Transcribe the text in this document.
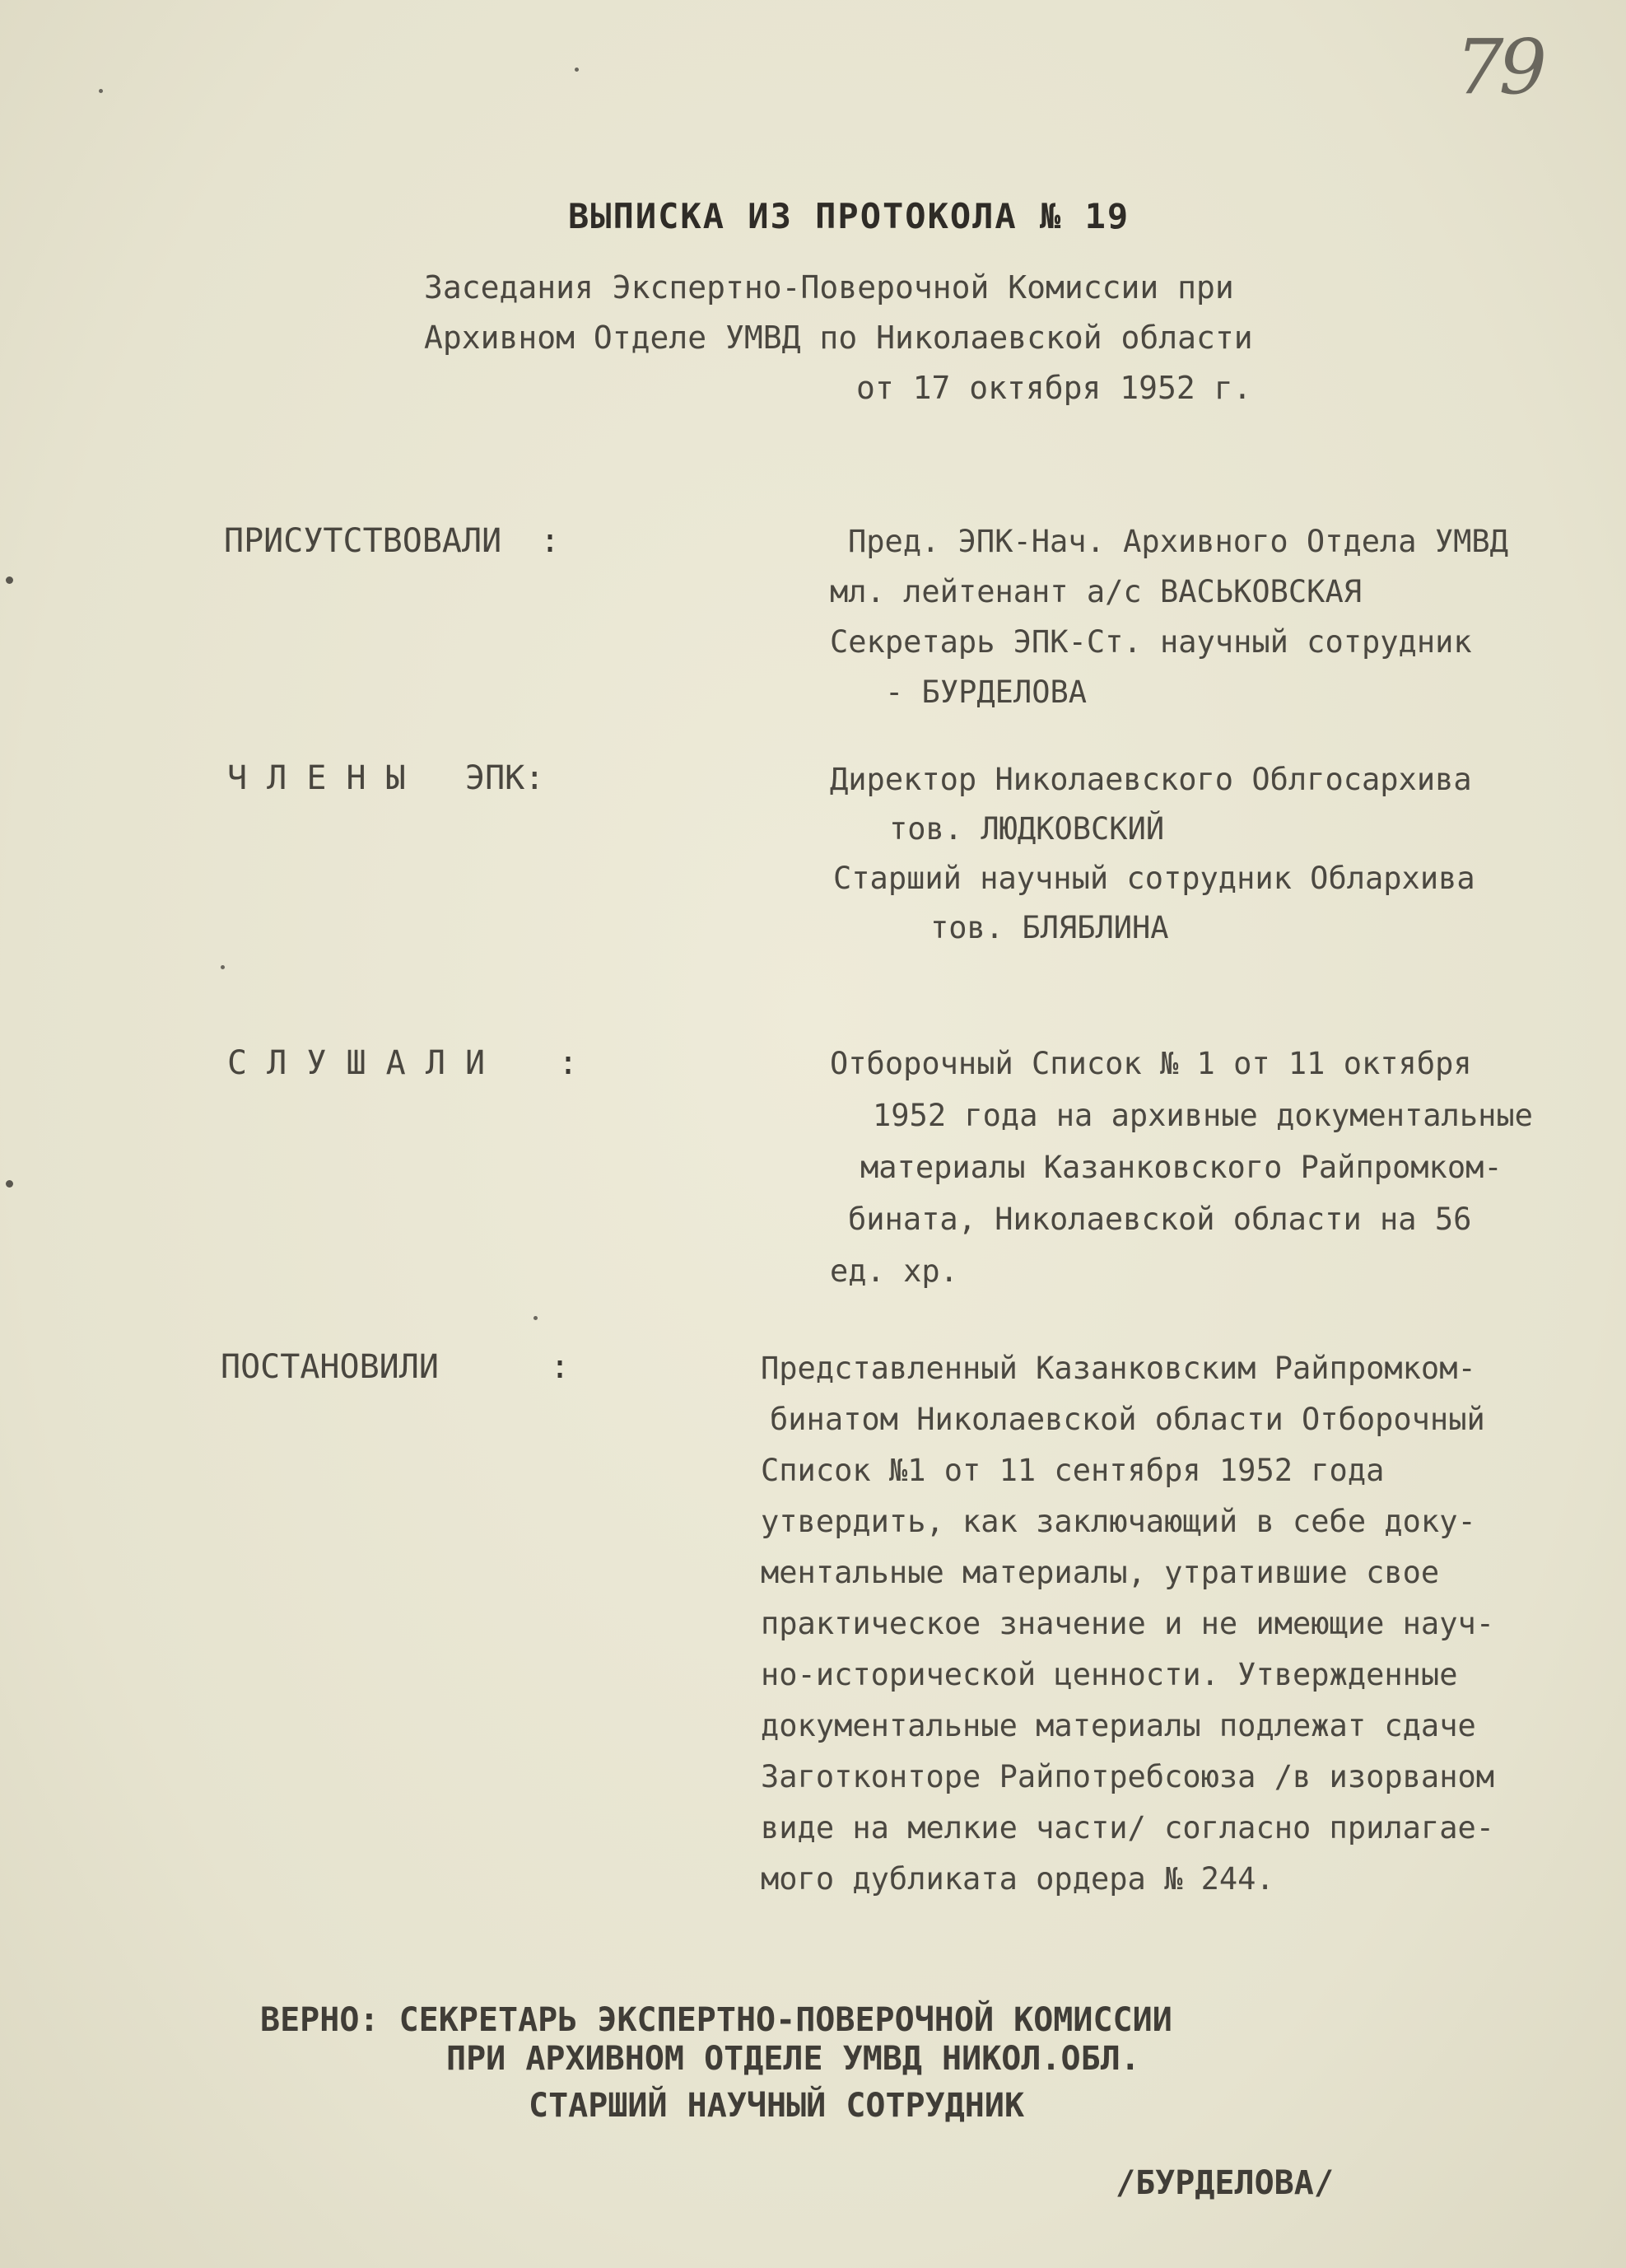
79
ВЫПИСКА ИЗ ПРОТОКОЛА № 19
Заседания Экспертно-Поверочной Комиссии при
Архивном Отделе УМВД по Николаевской области
от 17 октября 1952 г.
ПРИСУТСТВОВАЛИ :	Пред. ЭПК-Нач. Архивного Отдела УМВД
мл. лейтенант а/с ВАСЬКОВСКАЯ
Секретарь ЭПК-Ст. научный сотрудник
- БУРДЕЛОВА
Ч Л Е Н Ы   ЭПК:	Директор Николаевского Облгосархива
тов. ЛЮДКОВСКИЙ
Старший научный сотрудник Облархива
тов. БЛЯБЛИНА
С Л У Ш А Л И :	Отборочный Список № 1 от 11 октября
1952 года на архивные документальные
материалы Казанковского Райпромком-
бината, Николаевской области на 56
ед. хр.
ПОСТАНОВИЛИ	:	Представленный Казанковским Райпромком-
бинатом Николаевской области Отборочный
Список №1 от 11 сентября 1952 года
утвердить, как заключающий в себе доку-
ментальные материалы, утратившие свое
практическое значение и не имеющие науч-
но-исторической ценности. Утвержденные
документальные материалы подлежат сдаче
Заготконторе Райпотребсоюза /в изорваном
виде на мелкие части/ согласно прилагае-
мого дубликата ордера № 244.
ВЕРНО: СЕКРЕТАРЬ ЭКСПЕРТНО-ПОВЕРОЧНОЙ КОМИССИИ
ПРИ АРХИВНОМ ОТДЕЛЕ УМВД НИКОЛ.ОБЛ.
СТАРШИЙ НАУЧНЫЙ СОТРУДНИК
/БУРДЕЛОВА/
